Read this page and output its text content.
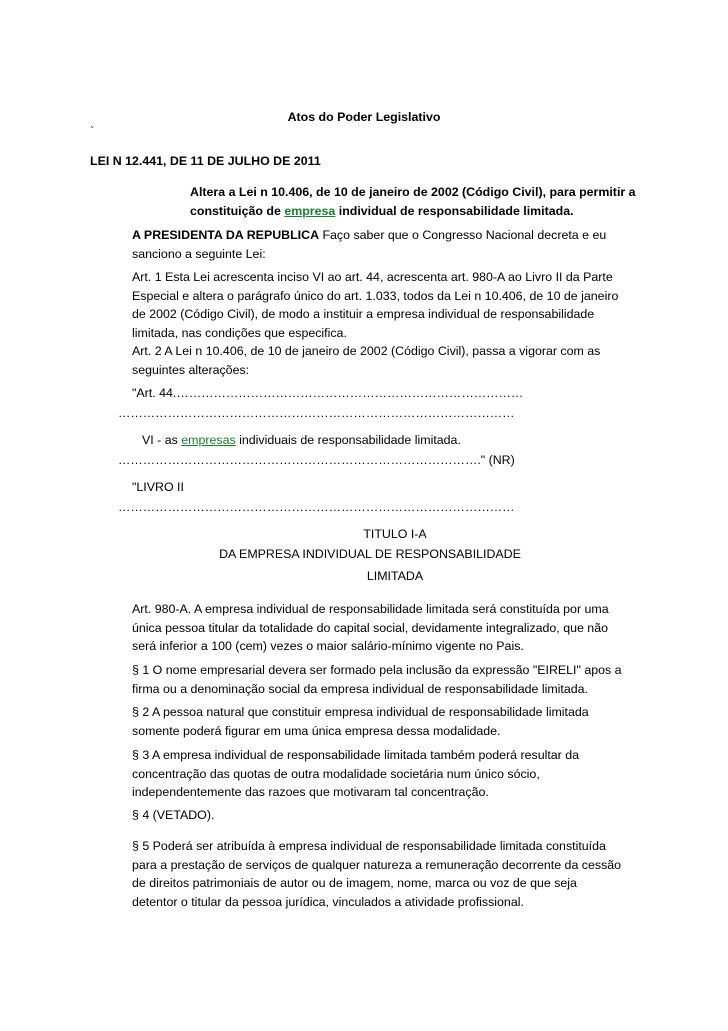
Atos do Poder Legislativo
`
LEI N 12.441, DE 11 DE JULHO DE 2011
Altera a Lei n 10.406, de 10 de janeiro de 2002 (Código Civil), para permitir a
constituição de empresa individual de responsabilidade limitada.
A PRESIDENTA DA REPUBLICA Faço saber que o Congresso Nacional decreta e eu
sanciono a seguinte Lei:
Art. 1 Esta Lei acrescenta inciso VI ao art. 44, acrescenta art. 980-A ao Livro II da Parte
Especial e altera o parágrafo único do art. 1.033, todos da Lei n 10.406, de 10 de janeiro
de 2002 (Código Civil), de modo a instituir a empresa individual de responsabilidade
limitada, nas condições que especifica.
Art. 2 A Lei n 10.406, de 10 de janeiro de 2002 (Código Civil), passa a vigorar com as
seguintes alterações:
"Art. 44.…………………………………………………………………………
……………………………………………………………………………………
VI - as empresas individuais de responsabilidade limitada.
……………………………………………………………………………." (NR)
"LIVRO II
……………………………………………………………………………………
TITULO I-A
DA EMPRESA INDIVIDUAL DE RESPONSABILIDADE
LIMITADA
Art. 980-A. A empresa individual de responsabilidade limitada será constituída por uma
única pessoa titular da totalidade do capital social, devidamente integralizado, que não
será inferior a 100 (cem) vezes o maior salário-mínimo vigente no Pais.
§ 1 O nome empresarial devera ser formado pela inclusão da expressão "EIRELI" apos a
firma ou a denominação social da empresa individual de responsabilidade limitada.
§ 2 A pessoa natural que constituir empresa individual de responsabilidade limitada
somente poderá figurar em uma única empresa dessa modalidade.
§ 3 A empresa individual de responsabilidade limitada também poderá resultar da
concentração das quotas de outra modalidade societária num único sócio,
independentemente das razoes que motivaram tal concentração.
§ 4 (VETADO).
§ 5 Poderá ser atribuída à empresa individual de responsabilidade limitada constituída
para a prestação de serviços de qualquer natureza a remuneração decorrente da cessão
de direitos patrimoniais de autor ou de imagem, nome, marca ou voz de que seja
detentor o titular da pessoa jurídica, vinculados a atividade profissional.
